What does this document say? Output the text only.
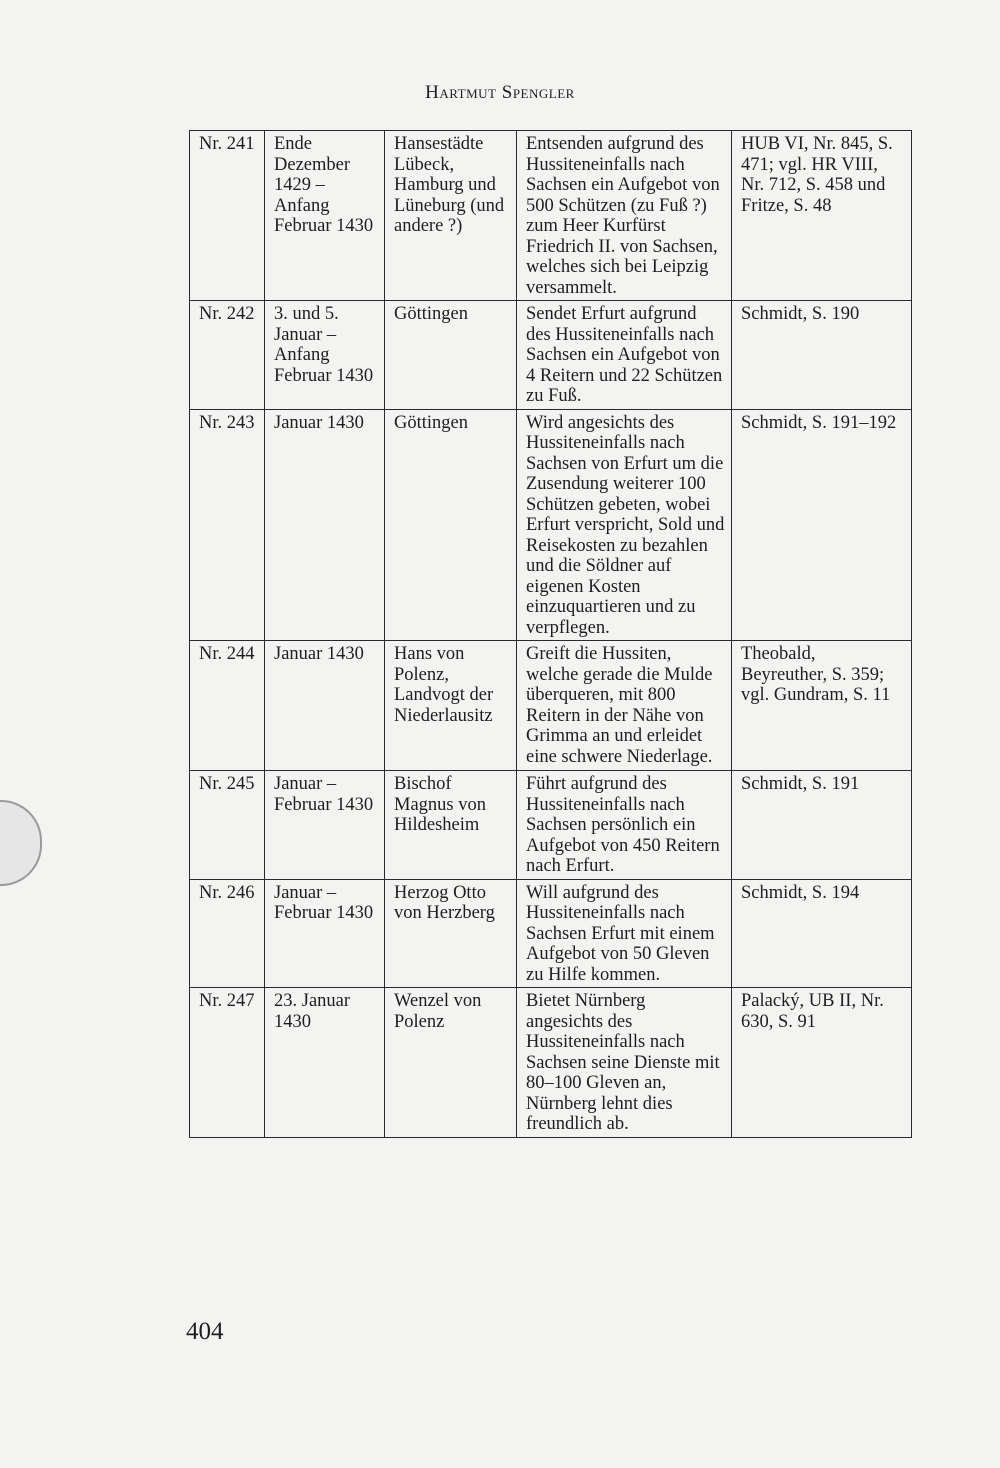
Hartmut Spengler
Nr. 241	Ende Dezember 1429 – Anfang Februar 1430	Hansestädte Lübeck, Hamburg und Lüneburg (und andere ?)	Entsenden aufgrund des Hussiteneinfalls nach Sachsen ein Aufgebot von 500 Schützen (zu Fuß ?) zum Heer Kurfürst Friedrich II. von Sachsen, welches sich bei Leipzig versammelt.	HUB VI, Nr. 845, S. 471; vgl. HR VIII, Nr. 712, S. 458 und Fritze, S. 48
Nr. 242	3. und 5. Januar – Anfang Februar 1430	Göttingen	Sendet Erfurt aufgrund des Hussiteneinfalls nach Sachsen ein Aufgebot von 4 Reitern und 22 Schützen zu Fuß.	Schmidt, S. 190
Nr. 243	Januar 1430	Göttingen	Wird angesichts des Hussiteneinfalls nach Sachsen von Erfurt um die Zusendung weiterer 100 Schützen gebeten, wobei Erfurt verspricht, Sold und Reisekosten zu bezahlen und die Söldner auf eigenen Kosten einzuquartieren und zu verpflegen.	Schmidt, S. 191–192
Nr. 244	Januar 1430	Hans von Polenz, Landvogt der Niederlausitz	Greift die Hussiten, welche gerade die Mulde überqueren, mit 800 Reitern in der Nähe von Grimma an und erleidet eine schwere Niederlage.	Theobald, Beyreuther, S. 359; vgl. Gundram, S. 11
Nr. 245	Januar – Februar 1430	Bischof Magnus von Hildesheim	Führt aufgrund des Hussiteneinfalls nach Sachsen persönlich ein Aufgebot von 450 Reitern nach Erfurt.	Schmidt, S. 191
Nr. 246	Januar – Februar 1430	Herzog Otto von Herzberg	Will aufgrund des Hussiteneinfalls nach Sachsen Erfurt mit einem Aufgebot von 50 Gleven zu Hilfe kommen.	Schmidt, S. 194
Nr. 247	23. Januar 1430	Wenzel von Polenz	Bietet Nürnberg angesichts des Hussiteneinfalls nach Sachsen seine Dienste mit 80–100 Gleven an, Nürnberg lehnt dies freundlich ab.	Palacký, UB II, Nr. 630, S. 91
404
